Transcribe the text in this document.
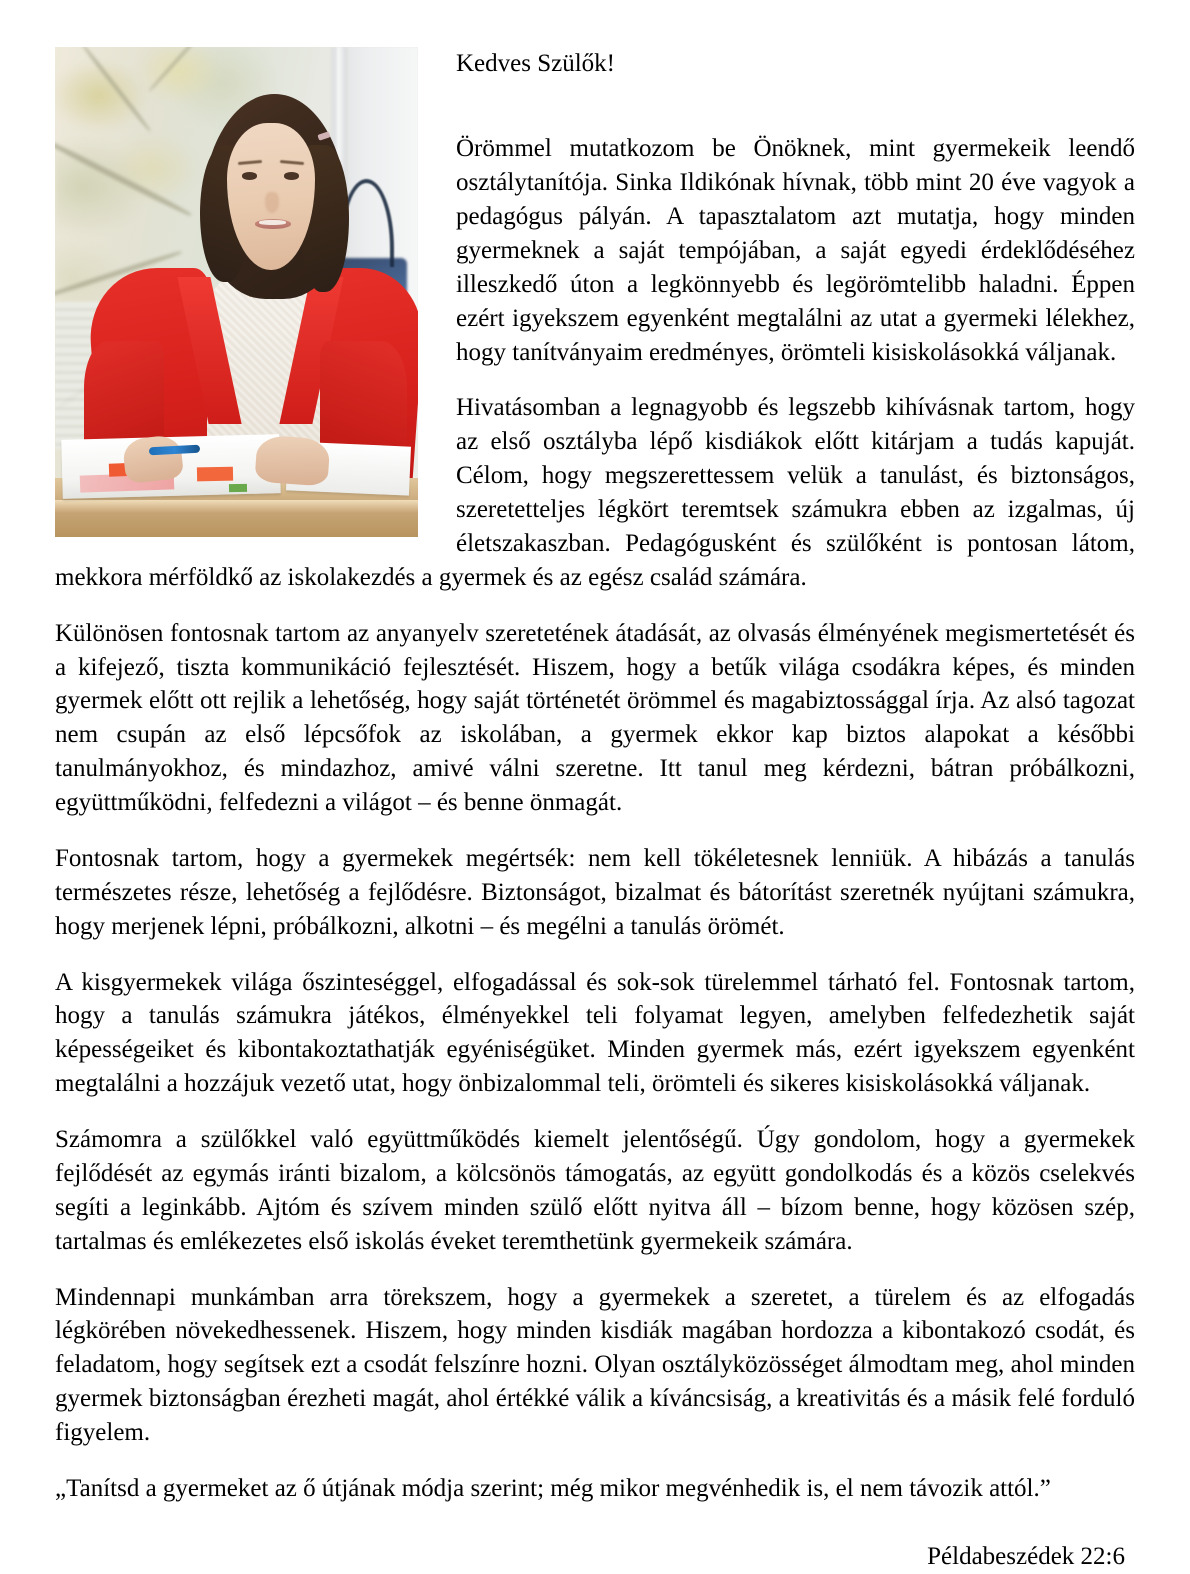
Kedves Szülők!

Örömmel mutatkozom be Önöknek, mint gyermekeik leendő osztálytanítója. Sinka Ildikónak hívnak, több mint 20 éve vagyok a pedagógus pályán. A tapasztalatom azt mutatja, hogy minden gyermeknek a saját tempójában, a saját egyedi érdeklődéséhez illeszkedő úton a legkönnyebb és legörömtelibb haladni. Éppen ezért igyekszem egyenként megtalálni az utat a gyermeki lélekhez, hogy tanítványaim eredményes, örömteli kisiskolásokká váljanak.

Hivatásomban a legnagyobb és legszebb kihívásnak tartom, hogy az első osztályba lépő kisdiákok előtt kitárjam a tudás kapuját. Célom, hogy megszerettessem velük a tanulást, és biztonságos, szeretetteljes légkört teremtsek számukra ebben az izgalmas, új életszakaszban. Pedagógusként és szülőként is pontosan látom, mekkora mérföldkő az iskolakezdés a gyermek és az egész család számára.

Különösen fontosnak tartom az anyanyelv szeretetének átadását, az olvasás élményének megismertetését és a kifejező, tiszta kommunikáció fejlesztését. Hiszem, hogy a betűk világa csodákra képes, és minden gyermek előtt ott rejlik a lehetőség, hogy saját történetét örömmel és magabiztossággal írja. Az alsó tagozat nem csupán az első lépcsőfok az iskolában, a gyermek ekkor kap biztos alapokat a későbbi tanulmányokhoz, és mindazhoz, amivé válni szeretne. Itt tanul meg kérdezni, bátran próbálkozni, együttműködni, felfedezni a világot – és benne önmagát.

Fontosnak tartom, hogy a gyermekek megértsék: nem kell tökéletesnek lenniük. A hibázás a tanulás természetes része, lehetőség a fejlődésre. Biztonságot, bizalmat és bátorítást szeretnék nyújtani számukra, hogy merjenek lépni, próbálkozni, alkotni – és megélni a tanulás örömét.

A kisgyermekek világa őszinteséggel, elfogadással és sok-sok türelemmel tárható fel. Fontosnak tartom, hogy a tanulás számukra játékos, élményekkel teli folyamat legyen, amelyben felfedezhetik saját képességeiket és kibontakoztathatják egyéniségüket. Minden gyermek más, ezért igyekszem egyenként megtalálni a hozzájuk vezető utat, hogy önbizalommal teli, örömteli és sikeres kisiskolásokká váljanak.

Számomra a szülőkkel való együttműködés kiemelt jelentőségű. Úgy gondolom, hogy a gyermekek fejlődését az egymás iránti bizalom, a kölcsönös támogatás, az együtt gondolkodás és a közös cselekvés segíti a leginkább. Ajtóm és szívem minden szülő előtt nyitva áll – bízom benne, hogy közösen szép, tartalmas és emlékezetes első iskolás éveket teremthetünk gyermekeik számára.

Mindennapi munkámban arra törekszem, hogy a gyermekek a szeretet, a türelem és az elfogadás légkörében növekedhessenek. Hiszem, hogy minden kisdiák magában hordozza a kibontakozó csodát, és feladatom, hogy segítsek ezt a csodát felszínre hozni. Olyan osztályközösséget álmodtam meg, ahol minden gyermek biztonságban érezheti magát, ahol értékké válik a kíváncsiság, a kreativitás és a másik felé forduló figyelem.

„Tanítsd a gyermeket az ő útjának módja szerint; még mikor megvénhedik is, el nem távozik attól.”

Példabeszédek 22:6
